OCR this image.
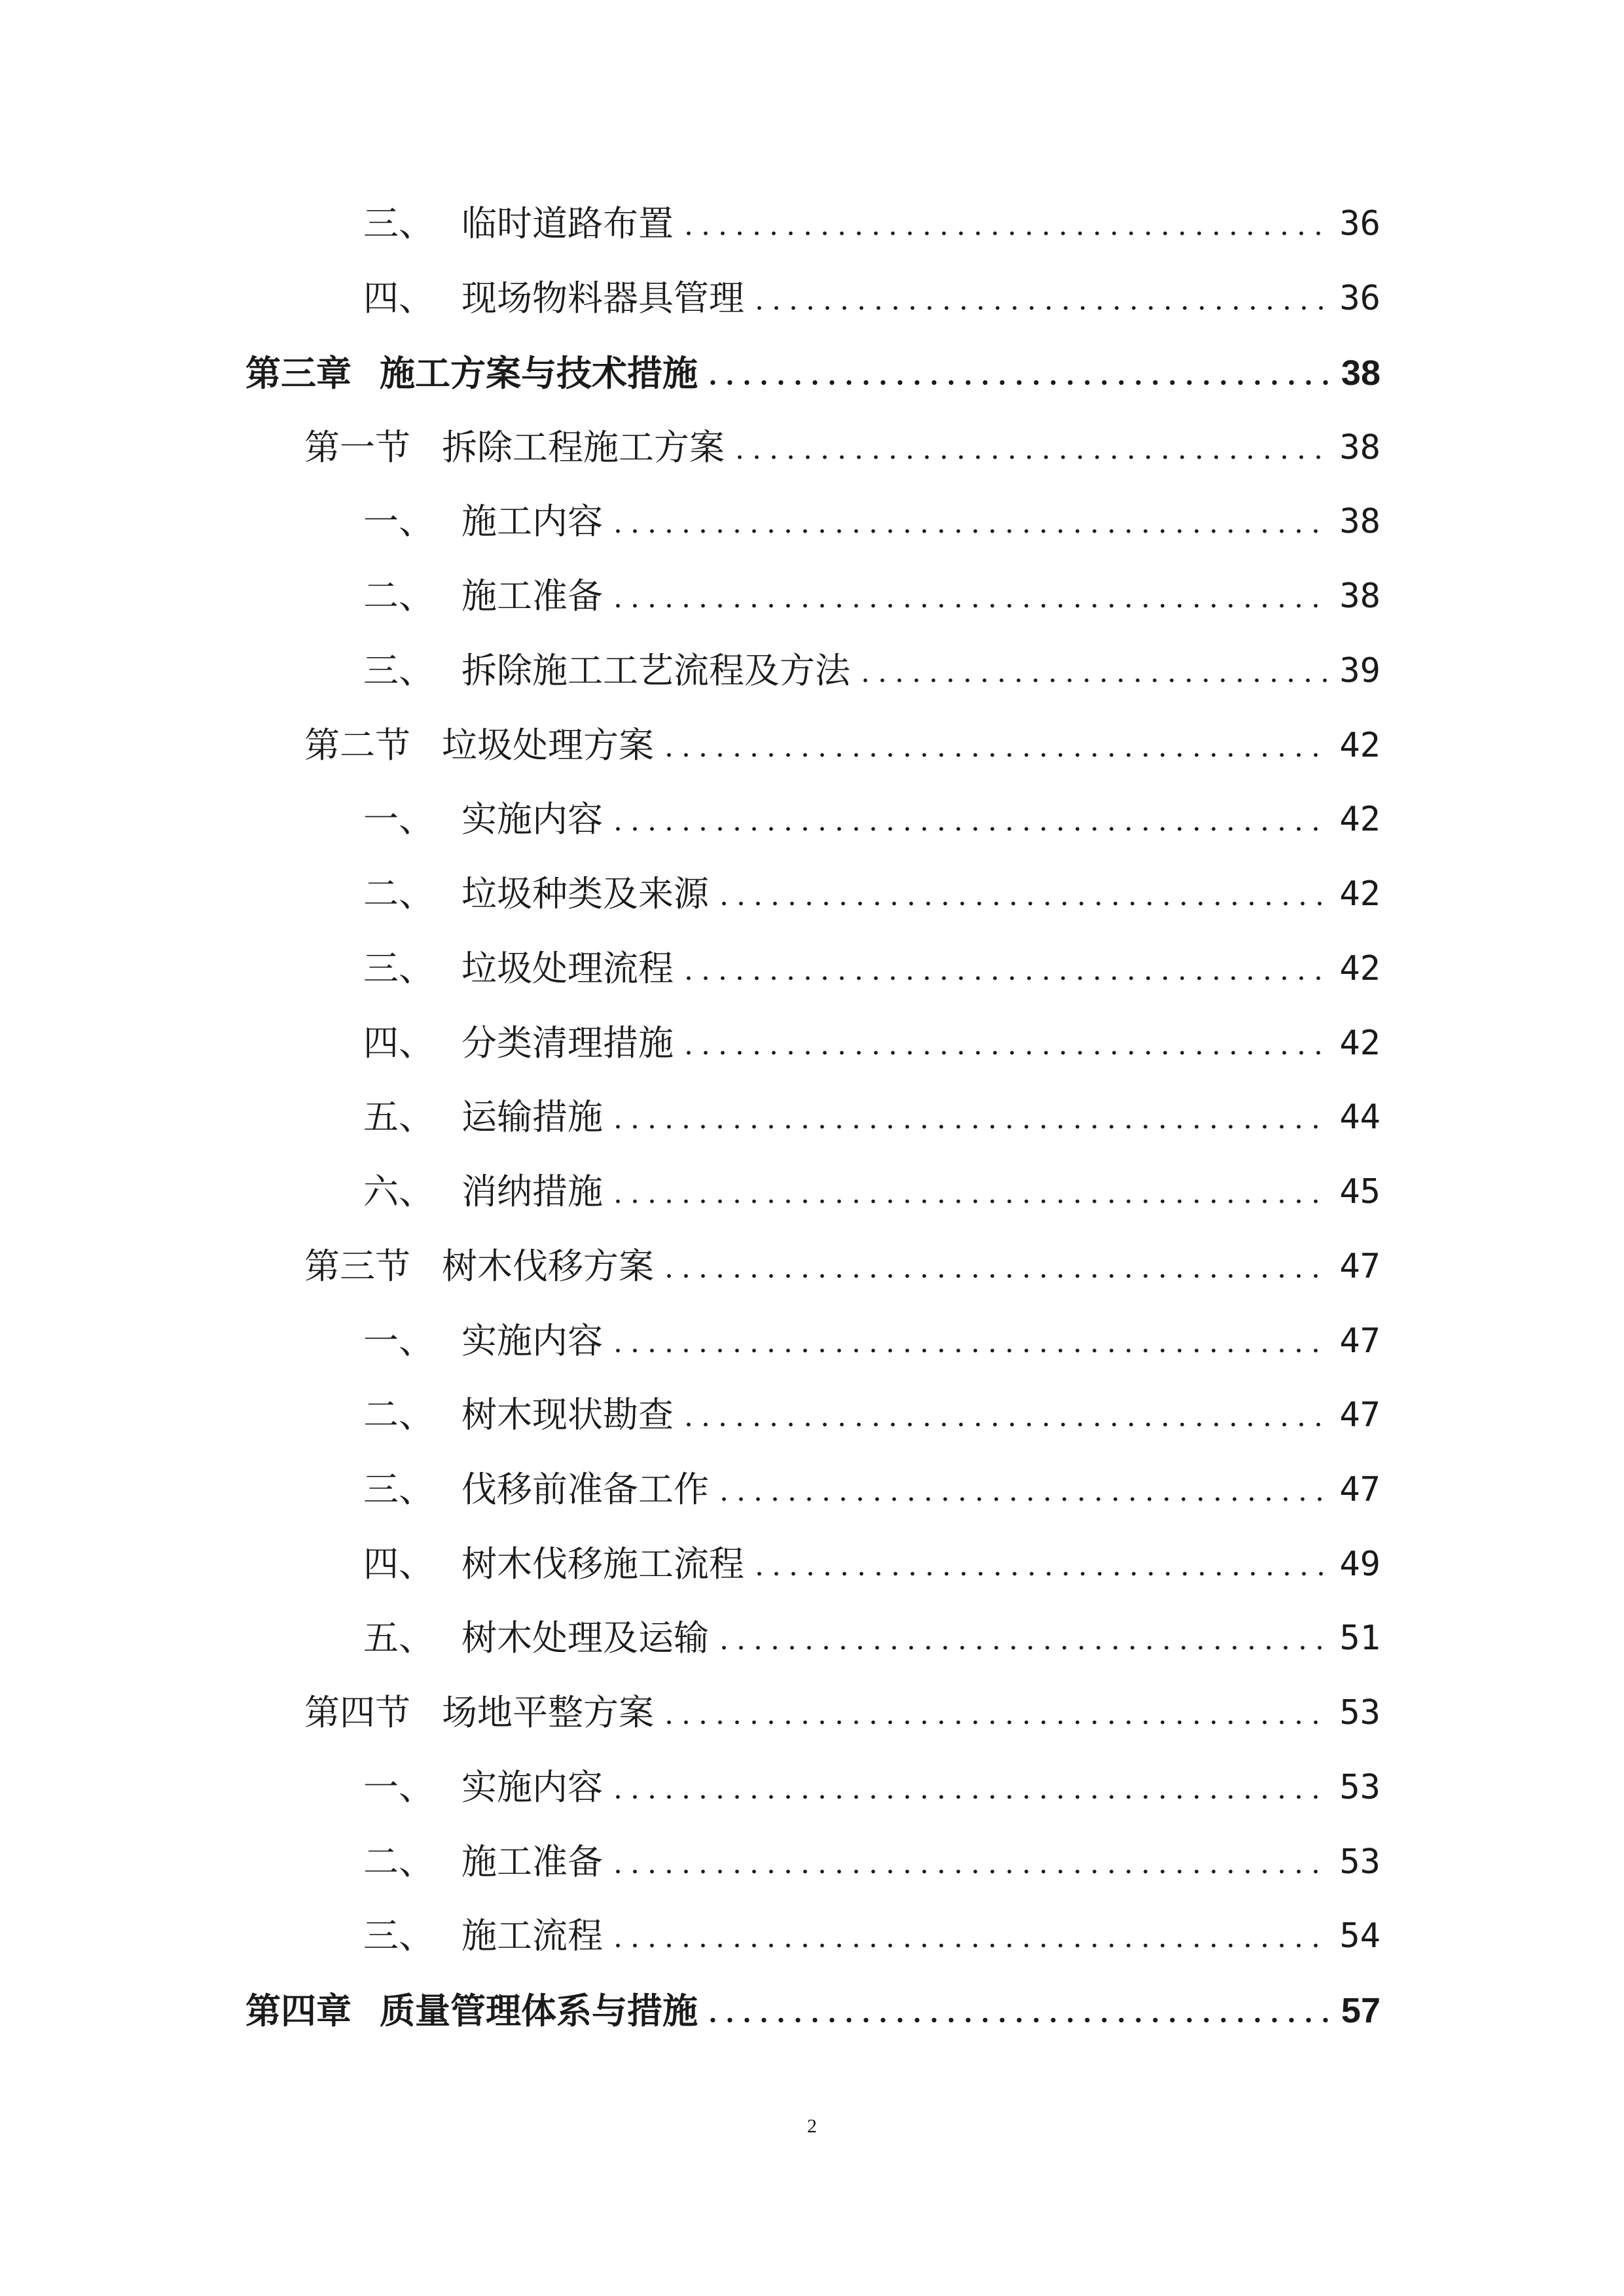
三、 临时道路布置	36
四、 现场物料器具管理	36
第三章 施工方案与技术措施	38
第一节 拆除工程施工方案	38
一、 施工内容	38
二、 施工准备	38
三、 拆除施工工艺流程及方法	39
第二节 垃圾处理方案	42
一、 实施内容	42
二、 垃圾种类及来源	42
三、 垃圾处理流程	42
四、 分类清理措施	42
五、 运输措施	44
六、 消纳措施	45
第三节 树木伐移方案	47
一、 实施内容	47
二、 树木现状勘查	47
三、 伐移前准备工作	47
四、 树木伐移施工流程	49
五、 树木处理及运输	51
第四节 场地平整方案	53
一、 实施内容	53
二、 施工准备	53
三、 施工流程	54
第四章 质量管理体系与措施	57
2
